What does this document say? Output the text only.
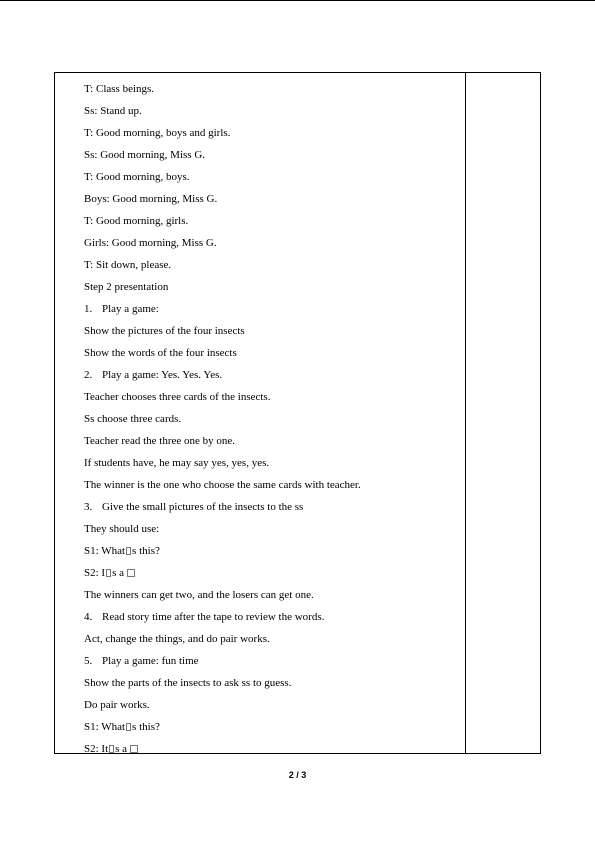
T: Class beings.
Ss: Stand up.
T: Good morning, boys and girls.
Ss: Good morning, Miss G.
T: Good morning, boys.
Boys: Good morning, Miss G.
T: Good morning, girls.
Girls: Good morning, Miss G.
T: Sit down, please.
Step 2 presentation
1. Play a game:
Show the pictures of the four insects
Show the words of the four insects
2. Play a game: Yes. Yes. Yes.
Teacher chooses three cards of the insects.
Ss choose three cards.
Teacher read the three one by one.
If students have, he may say yes, yes, yes.
The winner is the one who choose the same cards with teacher.
3. Give the small pictures of the insects to the ss
They should use:
S1: What s this?
S2: I s a
The winners can get two, and the losers can get one.
4. Read story time after the tape to review the words.
Act, change the things, and do pair works.
5. Play a game: fun time
Show the parts of the insects to ask ss to guess.
Do pair works.
S1: What s this?
S2: It s a
2 / 3
